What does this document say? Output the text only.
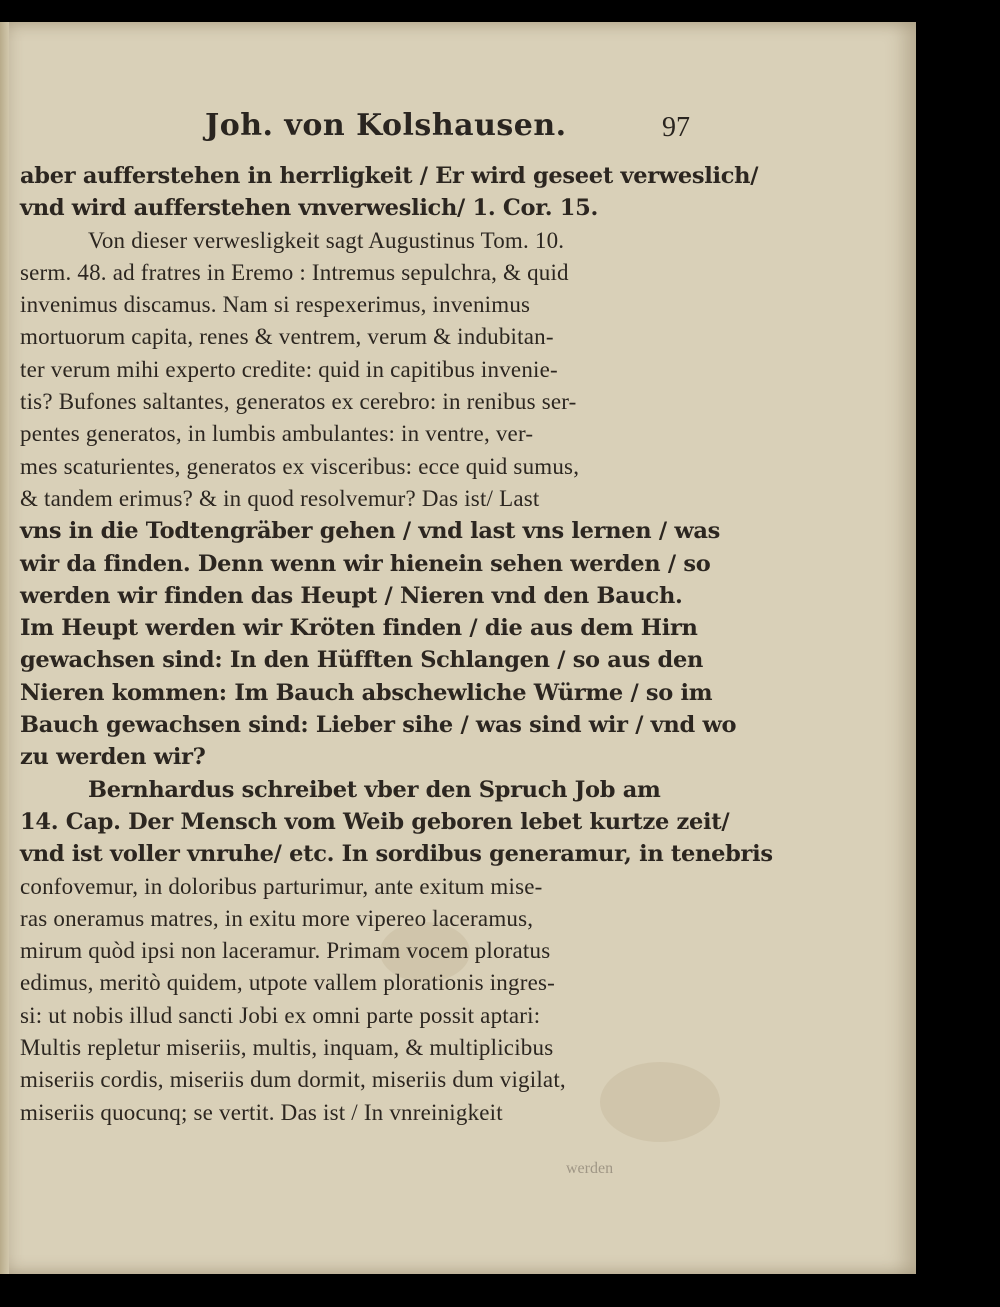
Joh. von Kolshausen.	97
aber aufferstehen in herrligkeit / Er wird geseet verweslich/
vnd wird aufferstehen vnverweslich/ 1. Cor. 15.
Von dieser verwesligkeit sagt Augustinus Tom. 10.
serm. 48. ad fratres in Eremo : Intremus sepulchra, & quid
invenimus discamus. Nam si respexerimus, invenimus
mortuorum capita, renes & ventrem, verum & indubitan-
ter verum mihi experto credite: quid in capitibus invenie-
tis? Bufones saltantes, generatos ex cerebro: in renibus ser-
pentes generatos, in lumbis ambulantes: in ventre, ver-
mes scaturientes, generatos ex visceribus: ecce quid sumus,
& tandem erimus? & in quod resolvemur? Das ist/ Last
vns in die Todtengräber gehen / vnd last vns lernen / was
wir da finden. Denn wenn wir hienein sehen werden / so
werden wir finden das Heupt / Nieren vnd den Bauch.
Im Heupt werden wir Kröten finden / die aus dem Hirn
gewachsen sind: In den Hüfften Schlangen / so aus den
Nieren kommen: Im Bauch abschewliche Würme / so im
Bauch gewachsen sind: Lieber sihe / was sind wir / vnd wo
zu werden wir?
Bernhardus schreibet vber den Spruch Job am
14. Cap. Der Mensch vom Weib geboren lebet kurtze zeit/
vnd ist voller vnruhe/ etc. In sordibus generamur, in tenebris
confovemur, in doloribus parturimur, ante exitum mise-
ras oneramus matres, in exitu more vipereo laceramus,
mirum quòd ipsi non laceramur. Primam vocem ploratus
edimus, meritò quidem, utpote vallem plorationis ingres-
si: ut nobis illud sancti Jobi ex omni parte possit aptari:
Multis repletur miseriis, multis, inquam, & multiplicibus
miseriis cordis, miseriis dum dormit, miseriis dum vigilat,
miseriis quocunq; se vertit. Das ist / In vnreinigkeit
werden
